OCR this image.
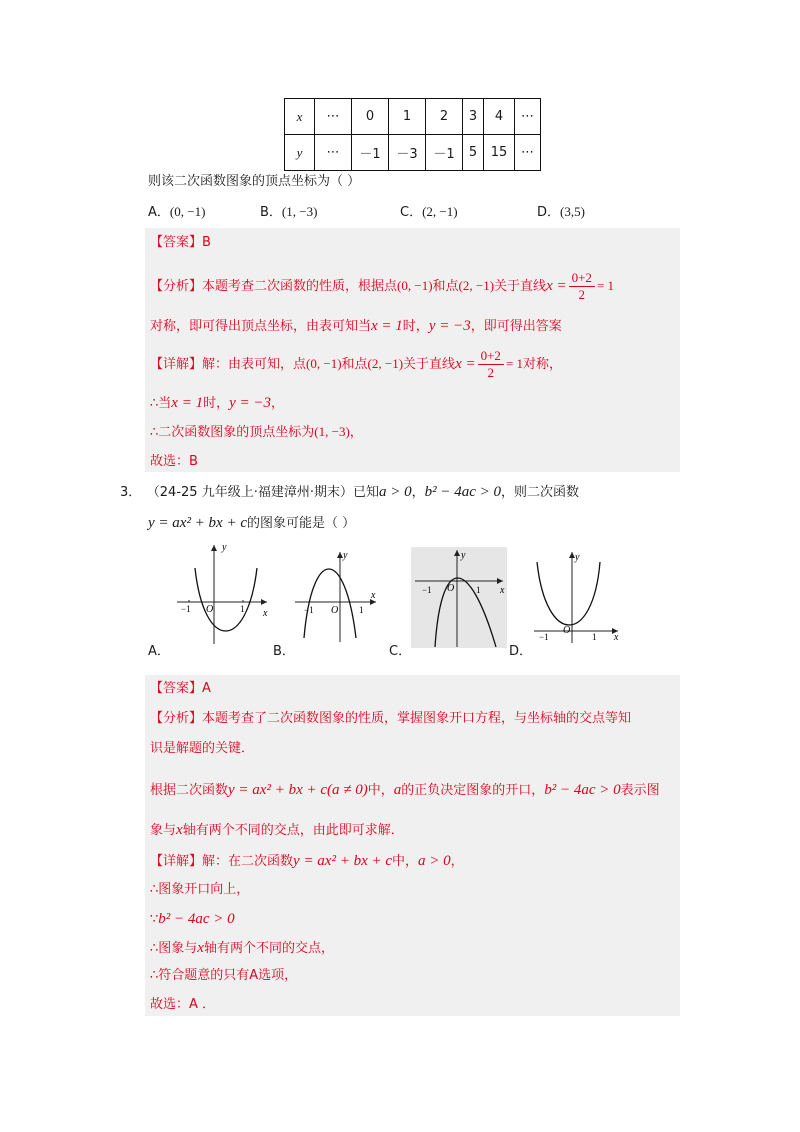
x	⋯	0	1	2	3	4	⋯
y	⋯	－1	－3	－1	5	15	⋯
则该二次函数图象的顶点坐标为（ ）
A．(0, −1)	B．(1, −3)	C．(2, −1)	D．(3,5)
【答案】B
【分析】本题考查二次函数的性质，根据点(0, −1)和点(2, −1)关于直线$x = \frac{0+2}{2} = 1$
对称，即可得出顶点坐标，由表可知当x = 1时，y = −3，即可得出答案
【详解】解：由表可知，点(0, −1)和点(2, −1)关于直线$x = \frac{0+2}{2} = 1$对称，
∴当x = 1时，y = −3，
∴二次函数图象的顶点坐标为(1, −3)，
故选：B
3． （24-25 九年级上·福建漳州·期末）已知a > 0，b² − 4ac > 0，则二次函数
y = ax² + bx + c的图象可能是（ ）
y
x
O
−1	1
y
x
O
−1	1
y
x
O
−1	1
y
x
O
−1	1
A．	B．	C．	D．
【答案】A
【分析】本题考查了二次函数图象的性质，掌握图象开口方程，与坐标轴的交点等知
识是解题的关键．
根据二次函数y = ax² + bx + c(a ≠ 0)中，a的正负决定图象的开口，b² − 4ac > 0表示图
象与x轴有两个不同的交点，由此即可求解．
【详解】解：在二次函数y = ax² + bx + c中，a > 0，
∴图象开口向上，
∵b² − 4ac > 0
∴图象与x轴有两个不同的交点，
∴符合题意的只有A选项，
故选：A ．
